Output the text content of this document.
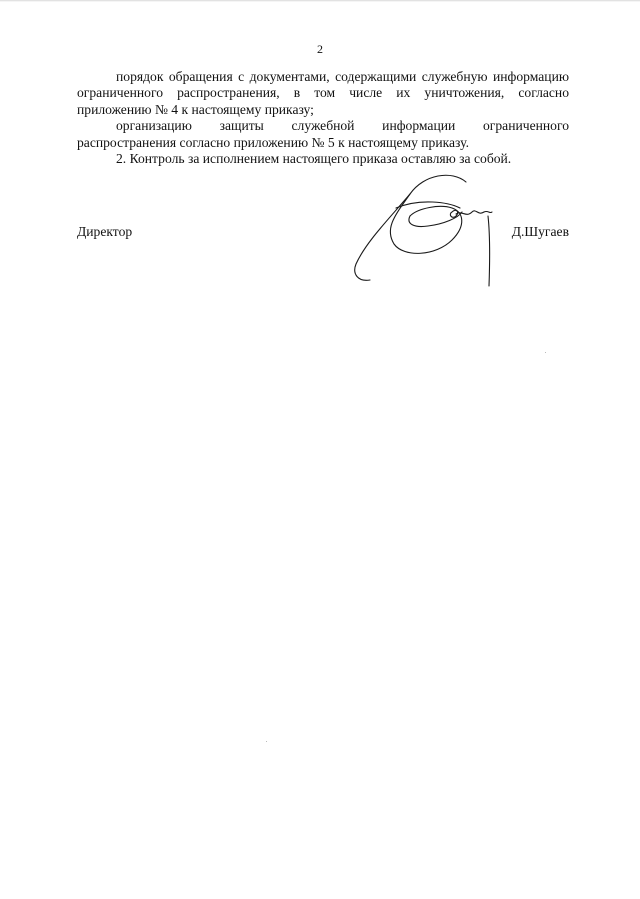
2

порядок обращения с документами, содержащими служебную информацию ограниченного распространения, в том числе их уничтожения, согласно приложению № 4 к настоящему приказу;

организацию защиты служебной информации ограниченного распространения согласно приложению № 5 к настоящему приказу.

2. Контроль за исполнением настоящего приказа оставляю за собой.

Директор	Д.Шугаев
